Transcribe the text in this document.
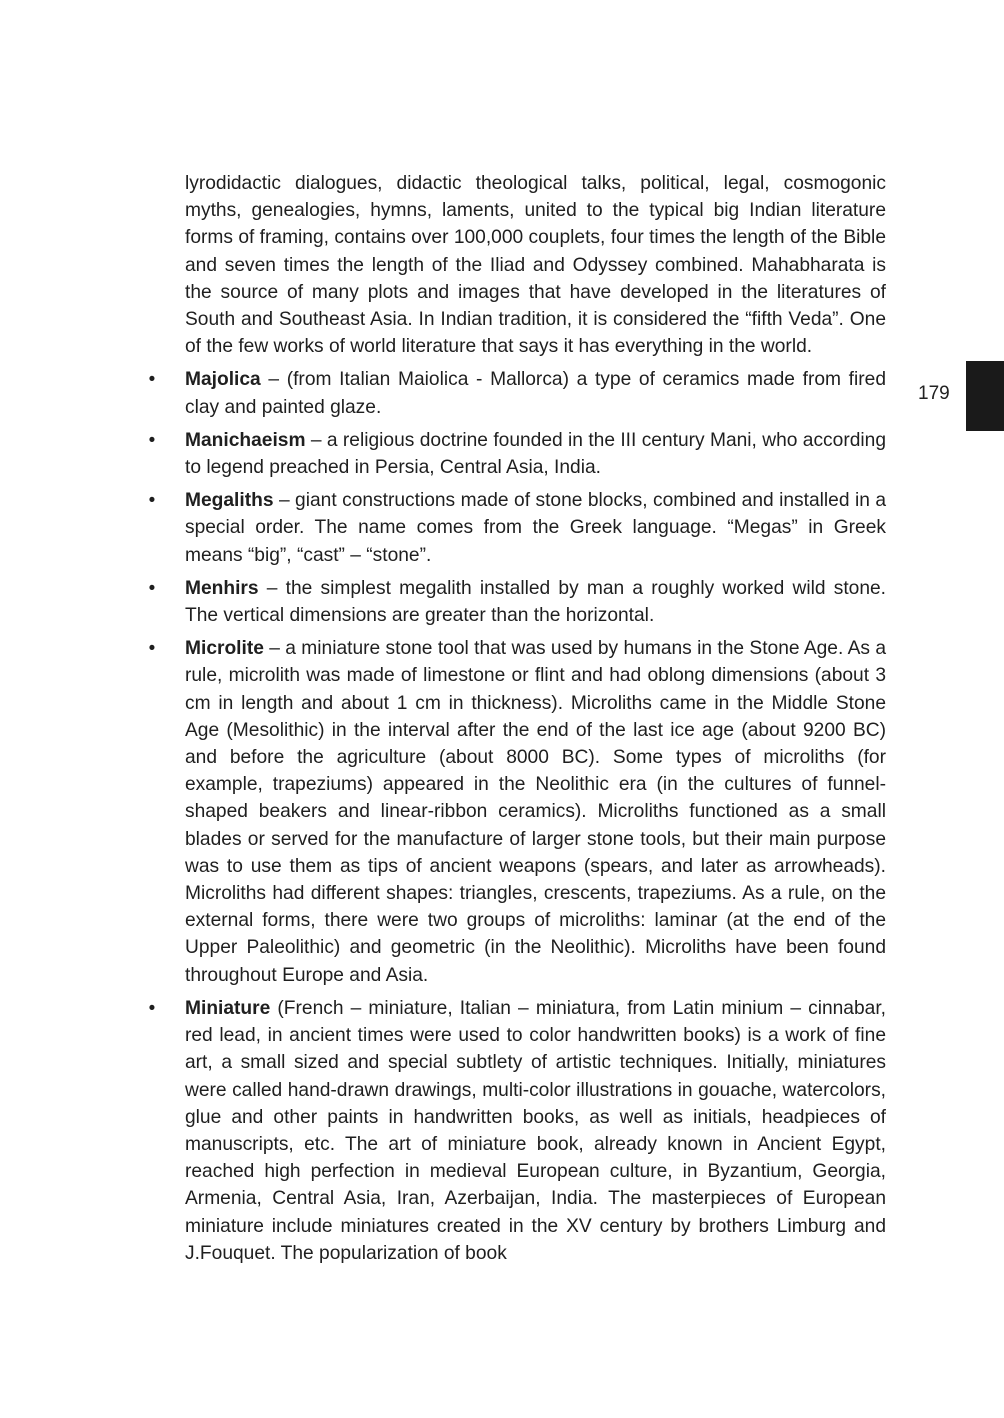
lyrodidactic dialogues, didactic theological talks, political, legal, cosmogonic myths, genealogies, hymns, laments, united to the typical big Indian literature forms of framing, contains over 100,000 couplets, four times the length of the Bible and seven times the length of the Iliad and Odyssey combined. Mahabharata is the source of many plots and images that have developed in the literatures of South and Southeast Asia. In Indian tradition, it is considered the “fifth Veda”. One of the few works of world literature that says it has everything in the world.

• Majolica – (from Italian Maiolica - Mallorca) a type of ceramics made from fired clay and painted glaze.
• Manichaeism – a religious doctrine founded in the III century Mani, who according to legend preached in Persia, Central Asia, India.
• Megaliths – giant constructions made of stone blocks, combined and installed in a special order. The name comes from the Greek language. “Megas” in Greek means “big”, “cast” – “stone”.
• Menhirs – the simplest megalith installed by man a roughly worked wild stone. The vertical dimensions are greater than the horizontal.
• Microlite – a miniature stone tool that was used by humans in the Stone Age. As a rule, microlith was made of limestone or flint and had oblong dimensions (about 3 cm in length and about 1 cm in thickness). Microliths came in the Middle Stone Age (Mesolithic) in the interval after the end of the last ice age (about 9200 BC) and before the agriculture (about 8000 BC). Some types of microliths (for example, trapeziums) appeared in the Neolithic era (in the cultures of funnel-shaped beakers and linear-ribbon ceramics). Microliths functioned as a small blades or served for the manufacture of larger stone tools, but their main purpose was to use them as tips of ancient weapons (spears, and later as arrowheads). Microliths had different shapes: triangles, crescents, trapeziums. As a rule, on the external forms, there were two groups of microliths: laminar (at the end of the Upper Paleolithic) and geometric (in the Neolithic). Microliths have been found throughout Europe and Asia.
• Miniature (French – miniature, Italian – miniatura, from Latin minium – cinnabar, red lead, in ancient times were used to color handwritten books) is a work of fine art, a small sized and special subtlety of artistic techniques. Initially, miniatures were called hand-drawn drawings, multi-color illustrations in gouache, watercolors, glue and other paints in handwritten books, as well as initials, headpieces of manuscripts, etc. The art of miniature book, already known in Ancient Egypt, reached high perfection in medieval European culture, in Byzantium, Georgia, Armenia, Central Asia, Iran, Azerbaijan, India. The masterpieces of European miniature include miniatures created in the XV century by brothers Limburg and J.Fouquet. The popularization of book
179
